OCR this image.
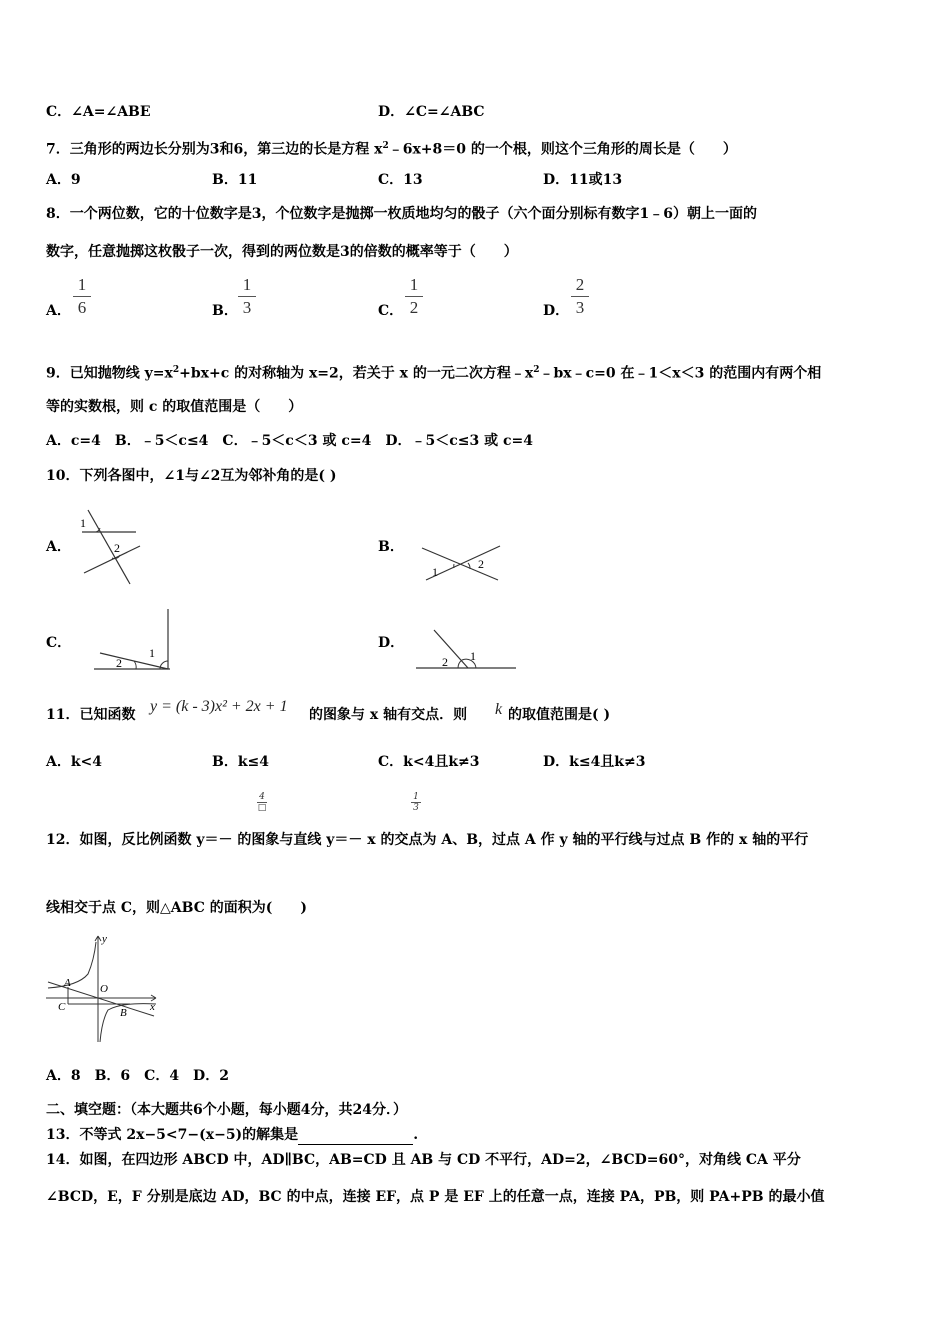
C．∠A=∠ABE	D．∠C=∠ABC
7．三角形的两边长分别为3和6，第三边的长是方程 $x^2﹣6x+8=0$ 的一个根，则这个三角形的周长是（　　）
A．9	B．11	C．13	D．11或13
8．一个两位数，它的十位数字是3，个位数字是抛掷一枚质地均匀的骰子（六个面分别标有数字1﹣6）朝上一面的
数字，任意抛掷这枚骰子一次，得到的两位数是3的倍数的概率等于（　　）
A．
1
6	B．
1
3	C．
1
2	D．
2
3
9．已知抛物线 $y=x^2+bx+c$ 的对称轴为 x=2，若关于 x 的一元二次方程$﹣x^2﹣bx﹣c=0$ 在﹣1＜x＜3 的范围内有两个相
等的实数根，则 c 的取值范围是（　　）
A．c=4　B．﹣5＜c≤4　C．﹣5＜c＜3 或 c=4　D．﹣5＜c≤3 或 c=4
10．下列各图中，∠1与∠2互为邻补角的是( )
A．
1
2	B．
1
2
C．
1
2
D．
2 1
11．已知函数 y = (k - 3)x² + 2x + 1 的图象与 x 轴有交点．则 k 的取值范围是( )
A．k<4	B．k≤4	C．k<4且k≠3	D．k≤4且k≠3
4
□
1
3
12．如图，反比例函数 y＝－ 的图象与直线 y＝－ x 的交点为 A、B，过点 A 作 y 轴的平行线与过点 B 作的 x 轴的平行
线相交于点 C，则△ABC 的面积为(　　)
y
x
O
A
B
C
A．8　B．6　C．4　D．2
二、填空题：（本大题共6个小题，每小题4分，共24分．）
13．不等式 2x−5<7−(x−5)的解集是	.
14．如图，在四边形 ABCD 中，AD∥BC，AB=CD 且 AB 与 CD 不平行，AD=2，∠BCD=60°，对角线 CA 平分
∠BCD，E，F 分别是底边 AD，BC 的中点，连接 EF，点 P 是 EF 上的任意一点，连接 PA，PB，则 PA+PB 的最小值
